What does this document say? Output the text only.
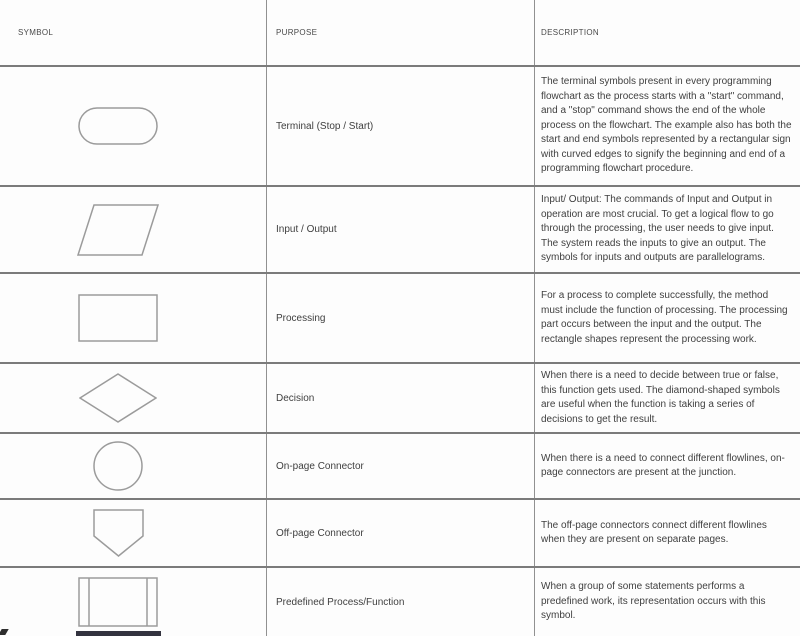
SYMBOL	PURPOSE	DESCRIPTION
Terminal (Stop / Start)
The terminal symbols present in every programming flowchart as the process starts with a "start" command, and a "stop" command shows the end of the whole process on the flowchart. The example also has both the start and end symbols represented by a rectangular sign with curved edges to signify the beginning and end of a programming flowchart procedure.
Input / Output
Input/ Output: The commands of Input and Output in operation are most crucial. To get a logical flow to go through the processing, the user needs to give input. The system reads the inputs to give an output. The symbols for inputs and outputs are parallelograms.
Processing
For a process to complete successfully, the method must include the function of processing. The processing part occurs between the input and the output. The rectangle shapes represent the processing work.
Decision
When there is a need to decide between true or false, this function gets used. The diamond-shaped symbols are useful when the function is taking a series of decisions to get the result.
On-page Connector
When there is a need to connect different flowlines, on-page connectors are present at the junction.
Off-page Connector
The off-page connectors connect different flowlines when they are present on separate pages.
Predefined Process/Function
When a group of some statements performs a predefined work, its representation occurs with this symbol.
